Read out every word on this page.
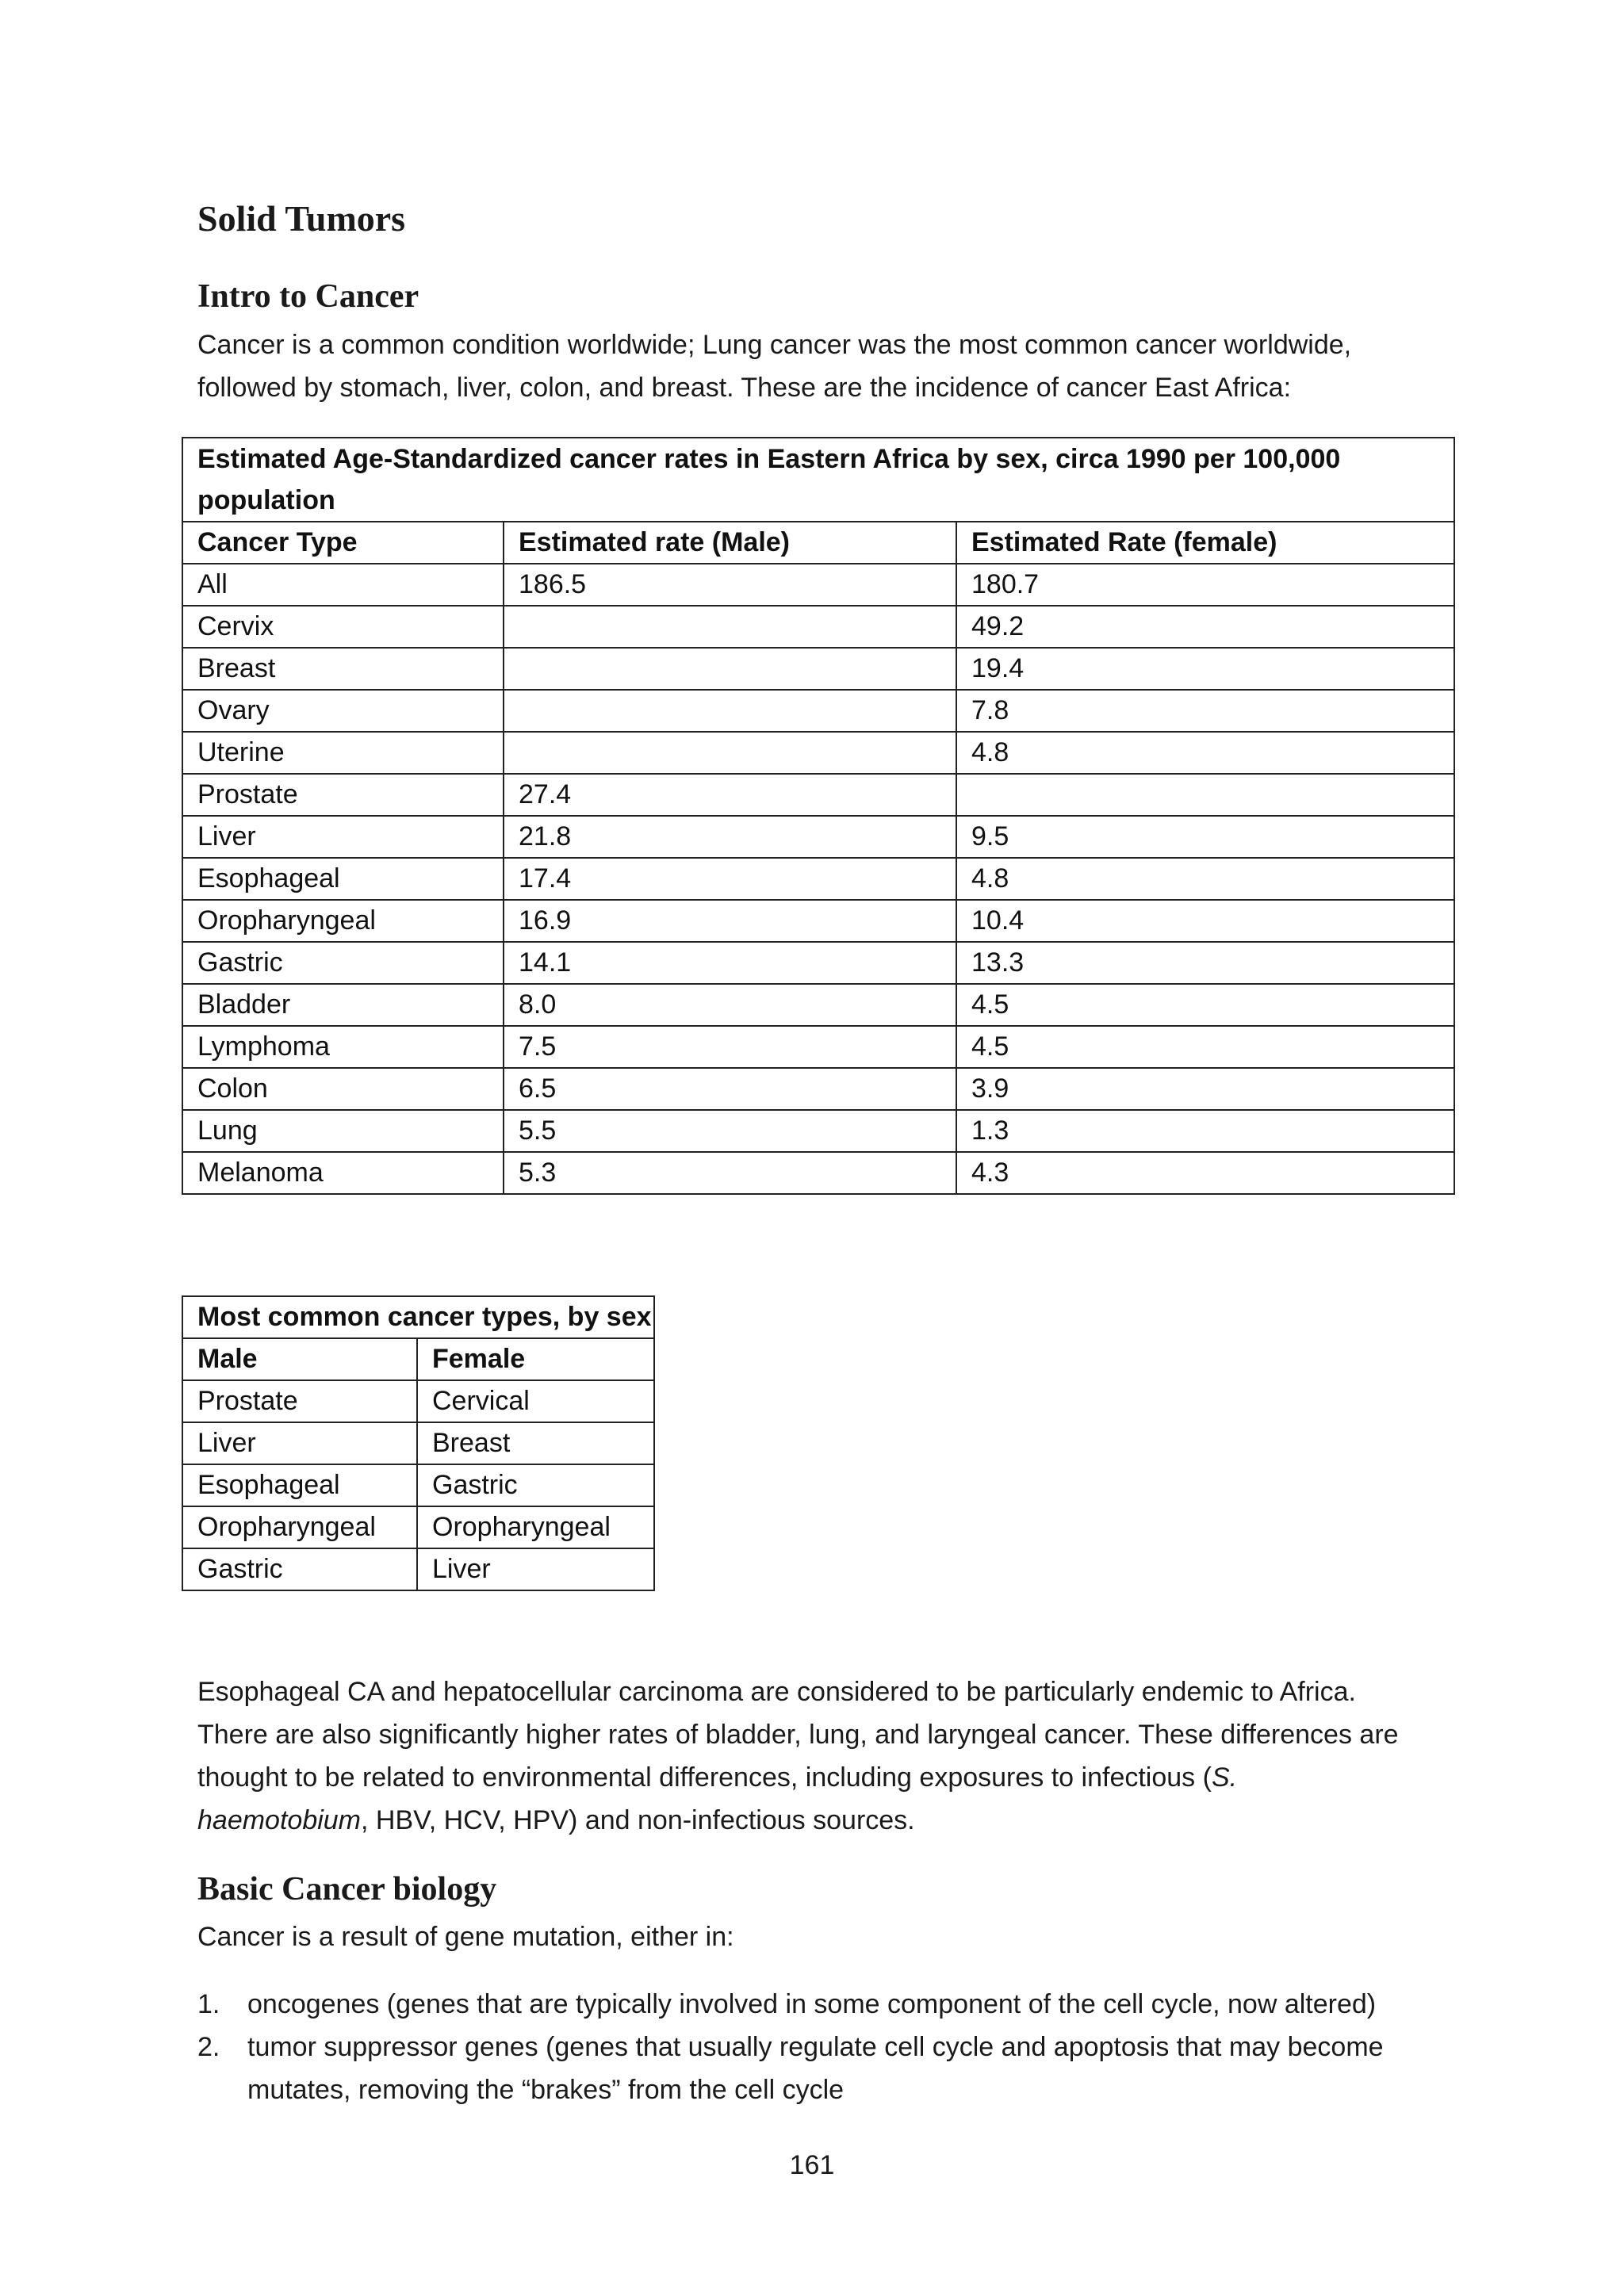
Solid Tumors
Intro to Cancer

Cancer is a common condition worldwide; Lung cancer was the most common cancer worldwide,

followed by stomach, liver, colon, and breast. These are the incidence of cancer East Africa:

Estimated Age-Standardized cancer rates in Eastern Africa by sex, circa 1990 per 100,000 population		
Cancer Type	Estimated rate (Male)	Estimated Rate (female)
All	186.5	180.7
Cervix		49.2
Breast		19.4
Ovary		7.8
Uterine		4.8
Prostate	27.4	
Liver	21.8	9.5
Esophageal	17.4	4.8
Oropharyngeal	16.9	10.4
Gastric	14.1	13.3
Bladder	8.0	4.5
Lymphoma	7.5	4.5
Colon	6.5	3.9
Lung	5.5	1.3
Melanoma	5.3	4.3
Most common cancer types, by sex	
Male	Female
Prostate	Cervical
Liver	Breast
Esophageal	Gastric
Oropharyngeal	Oropharyngeal
Gastric	Liver

Esophageal CA and hepatocellular carcinoma are considered to be particularly endemic to Africa.

There are also significantly higher rates of bladder, lung, and laryngeal cancer. These differences are

thought to be related to environmental differences, including exposures to infectious (S.

haemotobium, HBV, HCV, HPV) and non-infectious sources.

Basic Cancer biology

Cancer is a result of gene mutation, either in:

1. oncogenes (genes that are typically involved in some component of the cell cycle, now altered)
2. tumor suppressor genes (genes that usually regulate cell cycle and apoptosis that may become
mutates, removing the “brakes” from the cell cycle
161
